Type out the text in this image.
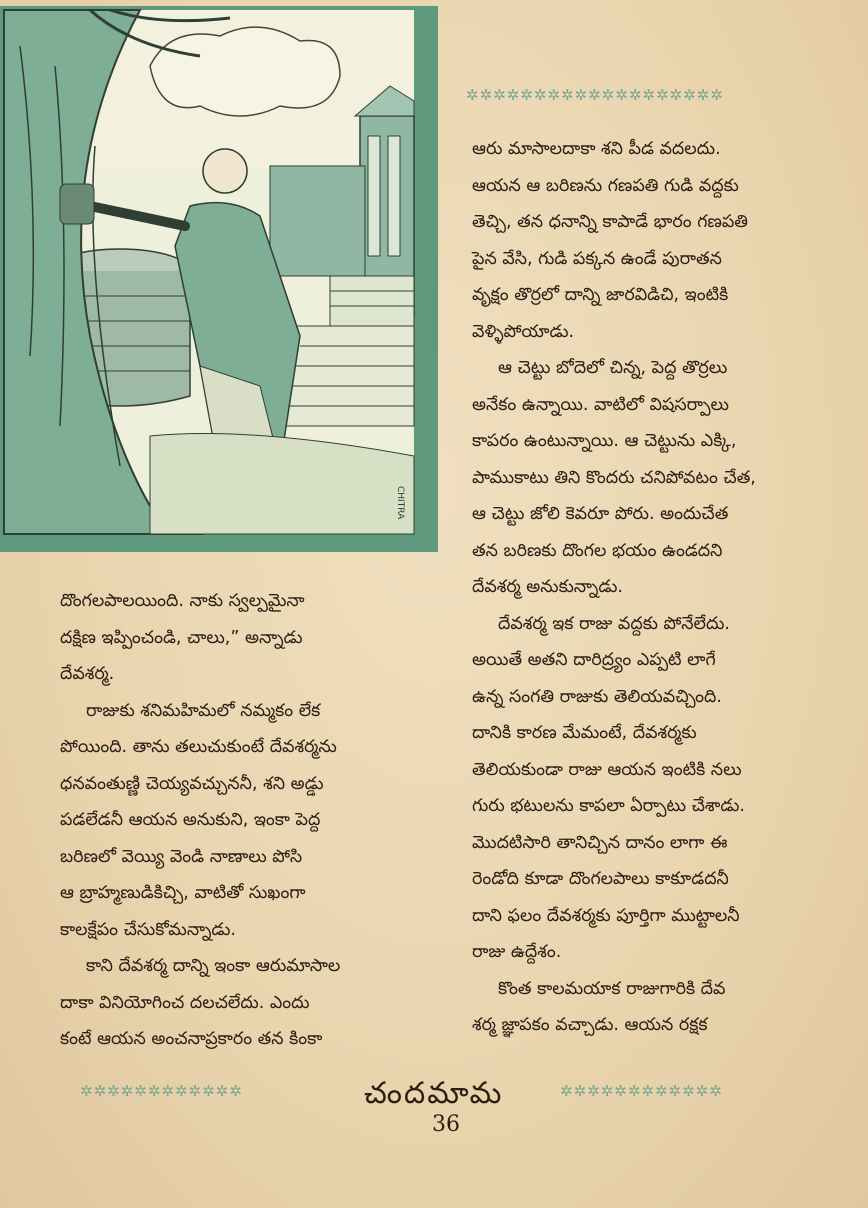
CHITRA
✲✲✲✲✲✲✲✲✲✲✲✲✲✲✲✲✲✲✲

ఆరు మాసాలదాకా శని పీడ వదలదు.
ఆయన ఆ బరిణను గణపతి గుడి వద్దకు
తెచ్చి, తన ధనాన్ని కాపాడే భారం గణపతి
పైన వేసి, గుడి పక్కన ఉండే పురాతన
వృక్షం తొర్రలో దాన్ని జారవిడిచి, ఇంటికి
వెళ్ళిపోయాడు.

ఆ చెట్టు బోదెలో చిన్న, పెద్ద తొర్రలు
అనేకం ఉన్నాయి. వాటిలో విషసర్పాలు
కాపరం ఉంటున్నాయి. ఆ చెట్టును ఎక్కి,
పాముకాటు తిని కొందరు చనిపోవటం చేత,
ఆ చెట్టు జోలి కెవరూ పోరు. అందుచేత
తన బరిణకు దొంగల భయం ఉండదని
దేవశర్మ అనుకున్నాడు.

దేవశర్మ ఇక రాజు వద్దకు పోనేలేదు.
అయితే అతని దారిద్ర్యం ఎప్పటి లాగే
ఉన్న సంగతి రాజుకు తెలియవచ్చింది.
దానికి కారణ మేమంటే, దేవశర్మకు
తెలియకుండా రాజు ఆయన ఇంటికి నలు
గురు భటులను కాపలా ఏర్పాటు చేశాడు.
మొదటిసారి తానిచ్చిన దానం లాగా ఈ
రెండోది కూడా దొంగలపాలు కాకూడదనీ
దాని ఫలం దేవశర్మకు పూర్తిగా ముట్టాలనీ
రాజు ఉద్దేశం.

కొంత కాలమయాక రాజుగారికి దేవ
శర్మ జ్ఞాపకం వచ్చాడు. ఆయన రక్షక

దొంగలపాలయింది. నాకు స్వల్పమైనా
దక్షిణ ఇప్పించండి, చాలు,” అన్నాడు
దేవశర్మ.

రాజుకు శనిమహిమలో నమ్మకం లేక
పోయింది. తాను తలుచుకుంటే దేవశర్మను
ధనవంతుణ్ణి చెయ్యవచ్చుననీ, శని అడ్డు
పడలేడనీ ఆయన అనుకుని, ఇంకా పెద్ద
బరిణలో వెయ్యి వెండి నాణాలు పోసి
ఆ బ్రాహ్మణుడికిచ్చి, వాటితో సుఖంగా
కాలక్షేపం చేసుకోమన్నాడు.

కాని దేవశర్మ దాన్ని ఇంకా ఆరుమాసాల
దాకా వినియోగించ దలచలేదు. ఎందు
కంటే ఆయన అంచనాప్రకారం తన కింకా

✲✲✲✲✲✲✲✲✲✲✲✲	చందమామ	✲✲✲✲✲✲✲✲✲✲✲✲
36
